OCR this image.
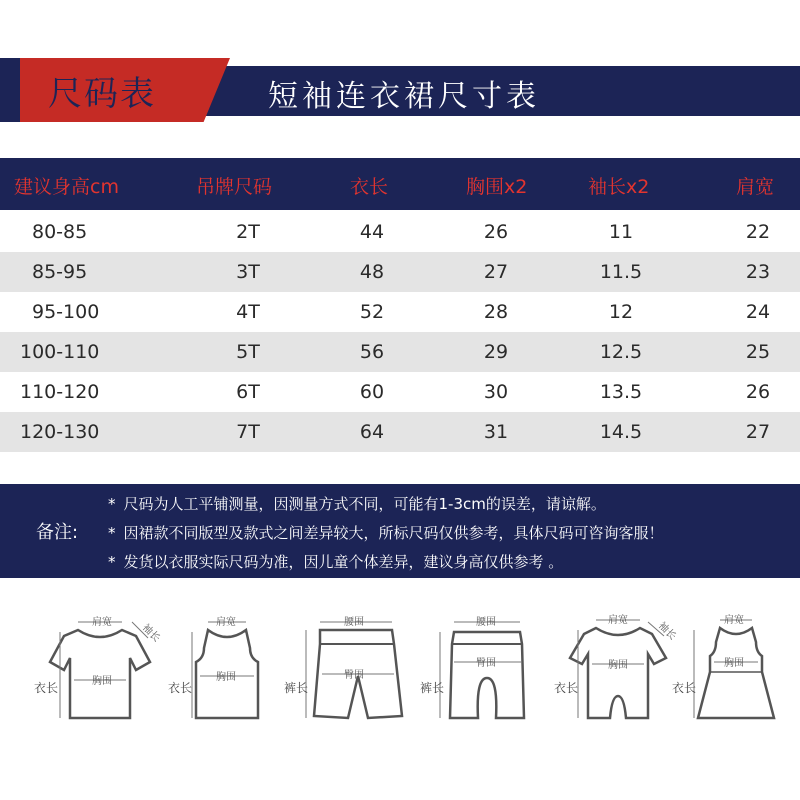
尺码表	短袖连衣裙尺寸表
建议身高cm	吊牌尺码	衣长	胸围x2	袖长x2	肩宽
80-85	2T	44	26	11	22
85-95	3T	48	27	11.5	23
95-100	4T	52	28	12	24
100-110	5T	56	29	12.5	25
110-120	6T	60	30	13.5	26
120-130	7T	64	31	14.5	27
备注:
* 尺码为人工平铺测量，因测量方式不同，可能有1-3cm的误差，请谅解。
* 因裙款不同版型及款式之间差异较大，所标尺码仅供参考，具体尺码可咨询客服！
* 发货以衣服实际尺码为准，因儿童个体差异，建议身高仅供参考 。
肩宽	袖长
胸围
衣长
肩宽
胸围
衣长
腰围
臀围
裤长
腰围
臀围
裤长
肩宽	袖长
胸围
衣长
肩宽
胸围
衣长
